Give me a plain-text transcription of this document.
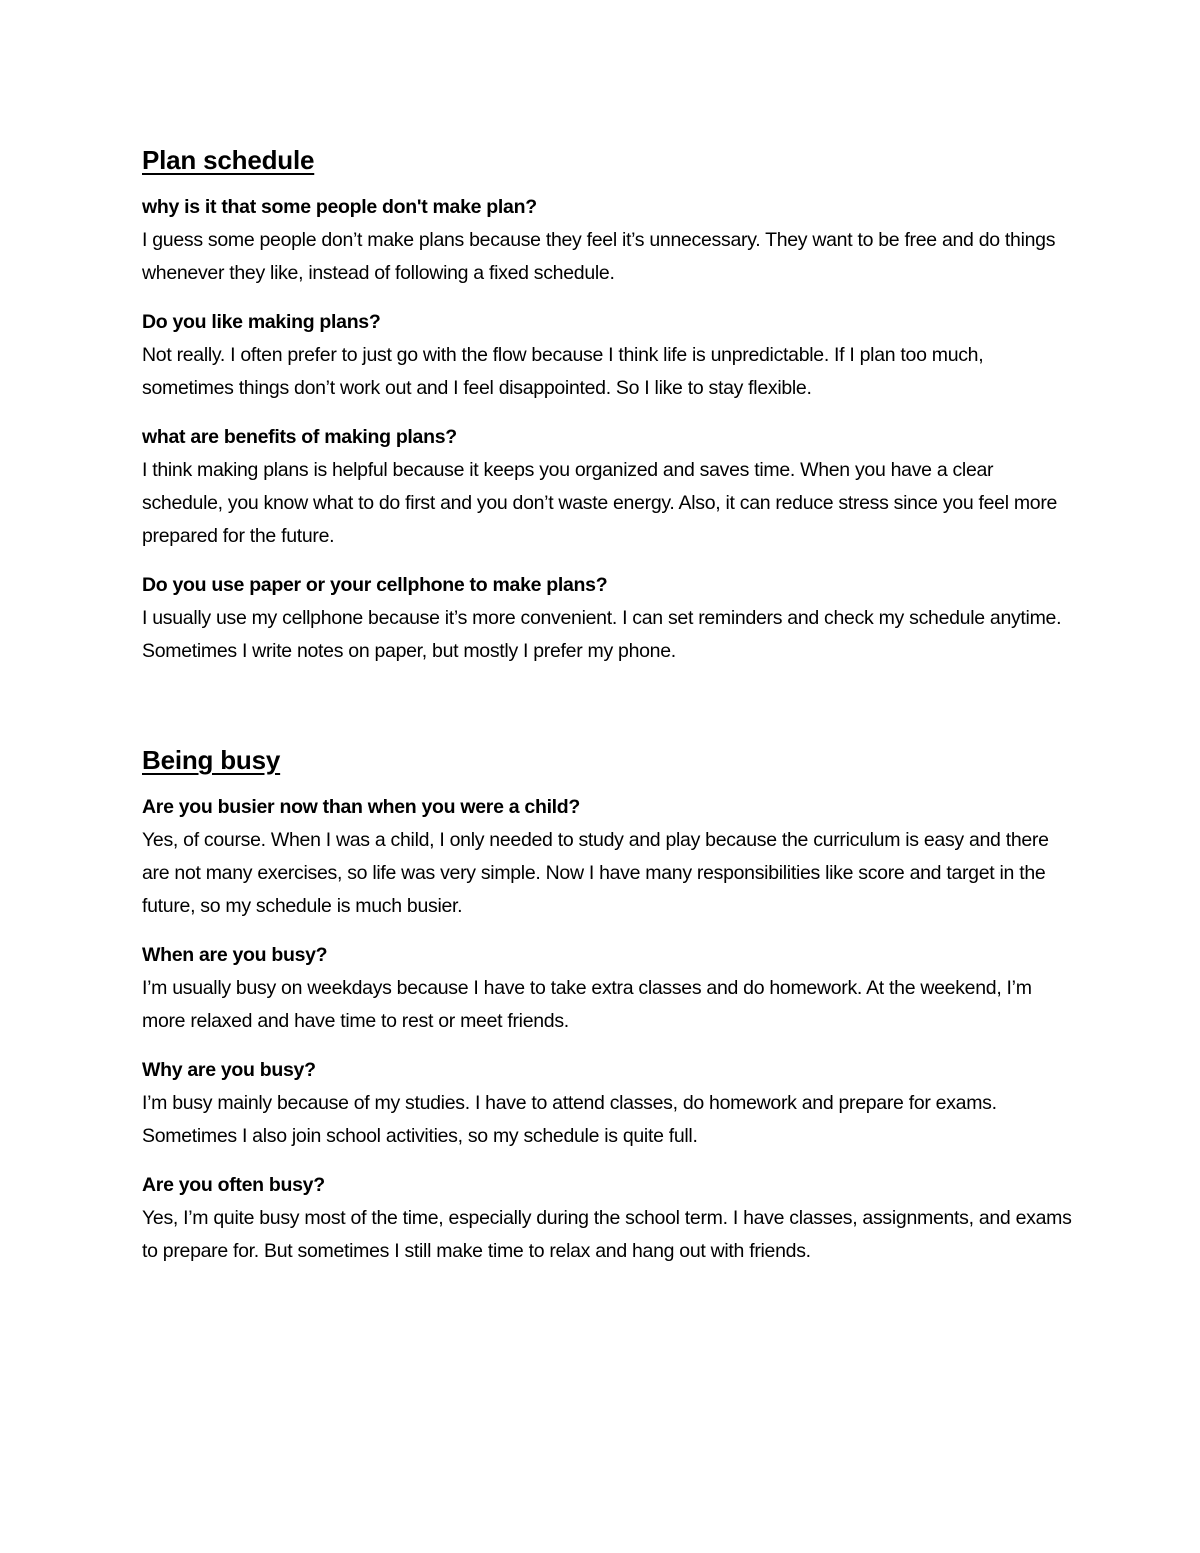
Plan schedule

why is it that some people don't make plan?

I guess some people don’t make plans because they feel it’s unnecessary. They want to be free and do things whenever they like, instead of following a fixed schedule.

Do you like making plans?

Not really. I often prefer to just go with the flow because I think life is unpredictable. If I plan too much, sometimes things don’t work out and I feel disappointed. So I like to stay flexible.

what are benefits of making plans?

I think making plans is helpful because it keeps you organized and saves time. When you have a clear schedule, you know what to do first and you don’t waste energy. Also, it can reduce stress since you feel more prepared for the future.

Do you use paper or your cellphone to make plans?

I usually use my cellphone because it’s more convenient. I can set reminders and check my schedule anytime. Sometimes I write notes on paper, but mostly I prefer my phone.

Being busy

Are you busier now than when you were a child?

Yes, of course. When I was a child, I only needed to study and play because the curriculum is easy and there are not many exercises, so life was very simple. Now I have many responsibilities like score and target in the future, so my schedule is much busier.

When are you busy?

I’m usually busy on weekdays because I have to take extra classes and do homework. At the weekend, I’m more relaxed and have time to rest or meet friends.

Why are you busy?

I’m busy mainly because of my studies. I have to attend classes, do homework and prepare for exams. Sometimes I also join school activities, so my schedule is quite full.

Are you often busy?

Yes, I’m quite busy most of the time, especially during the school term. I have classes, assignments, and exams to prepare for. But sometimes I still make time to relax and hang out with friends.
